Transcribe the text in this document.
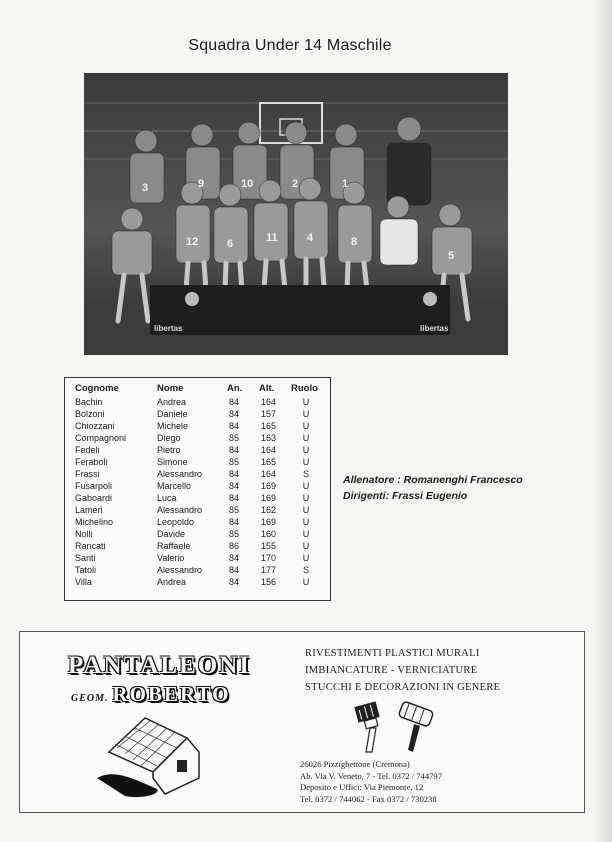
Squadra Under 14 Maschile
libertas	libertas
3	9	10	2	1
12	6	11	4	8
5
Cognome	Nome	An.	Alt.	Ruolo
Bachin	Andrea	84	164	U
Bolzoni	Daniele	84	157	U
Chiozzani	Michele	84	165	U
Compagnoni	Diego	85	163	U
Fedeli	Pietro	84	164	U
Feraboli	Simone	85	165	U
Frassi	Alessandro	84	164	S
Fusarpoli	Marcello	84	169	U
Gaboardi	Luca	84	169	U
Lameri	Alessandro	85	162	U
Michelino	Leopoldo	84	169	U
Nolli	Davide	85	160	U
Rancati	Raffaele	86	155	U
Santi	Valerio	84	170	U
Tatoli	Alessandro	84	177	S
Villa	Andrea	84	156	U
Allenatore : Romanenghi Francesco
Dirigenti: Frassi Eugenio
PANTALEONI
GEOM. ROBERTO
RIVESTIMENTI PLASTICI MURALI
IMBIANCATURE - VERNICIATURE
STUCCHI E DECORAZIONI IN GENERE
26026 Pizzighettone (Cremona)
Ab. Via V. Veneto, 7 - Tel. 0372 / 744797
Deposito e Uffici: Via Piemonte, 12
Tel. 0372 / 744062 - Fax 0372 / 730238
